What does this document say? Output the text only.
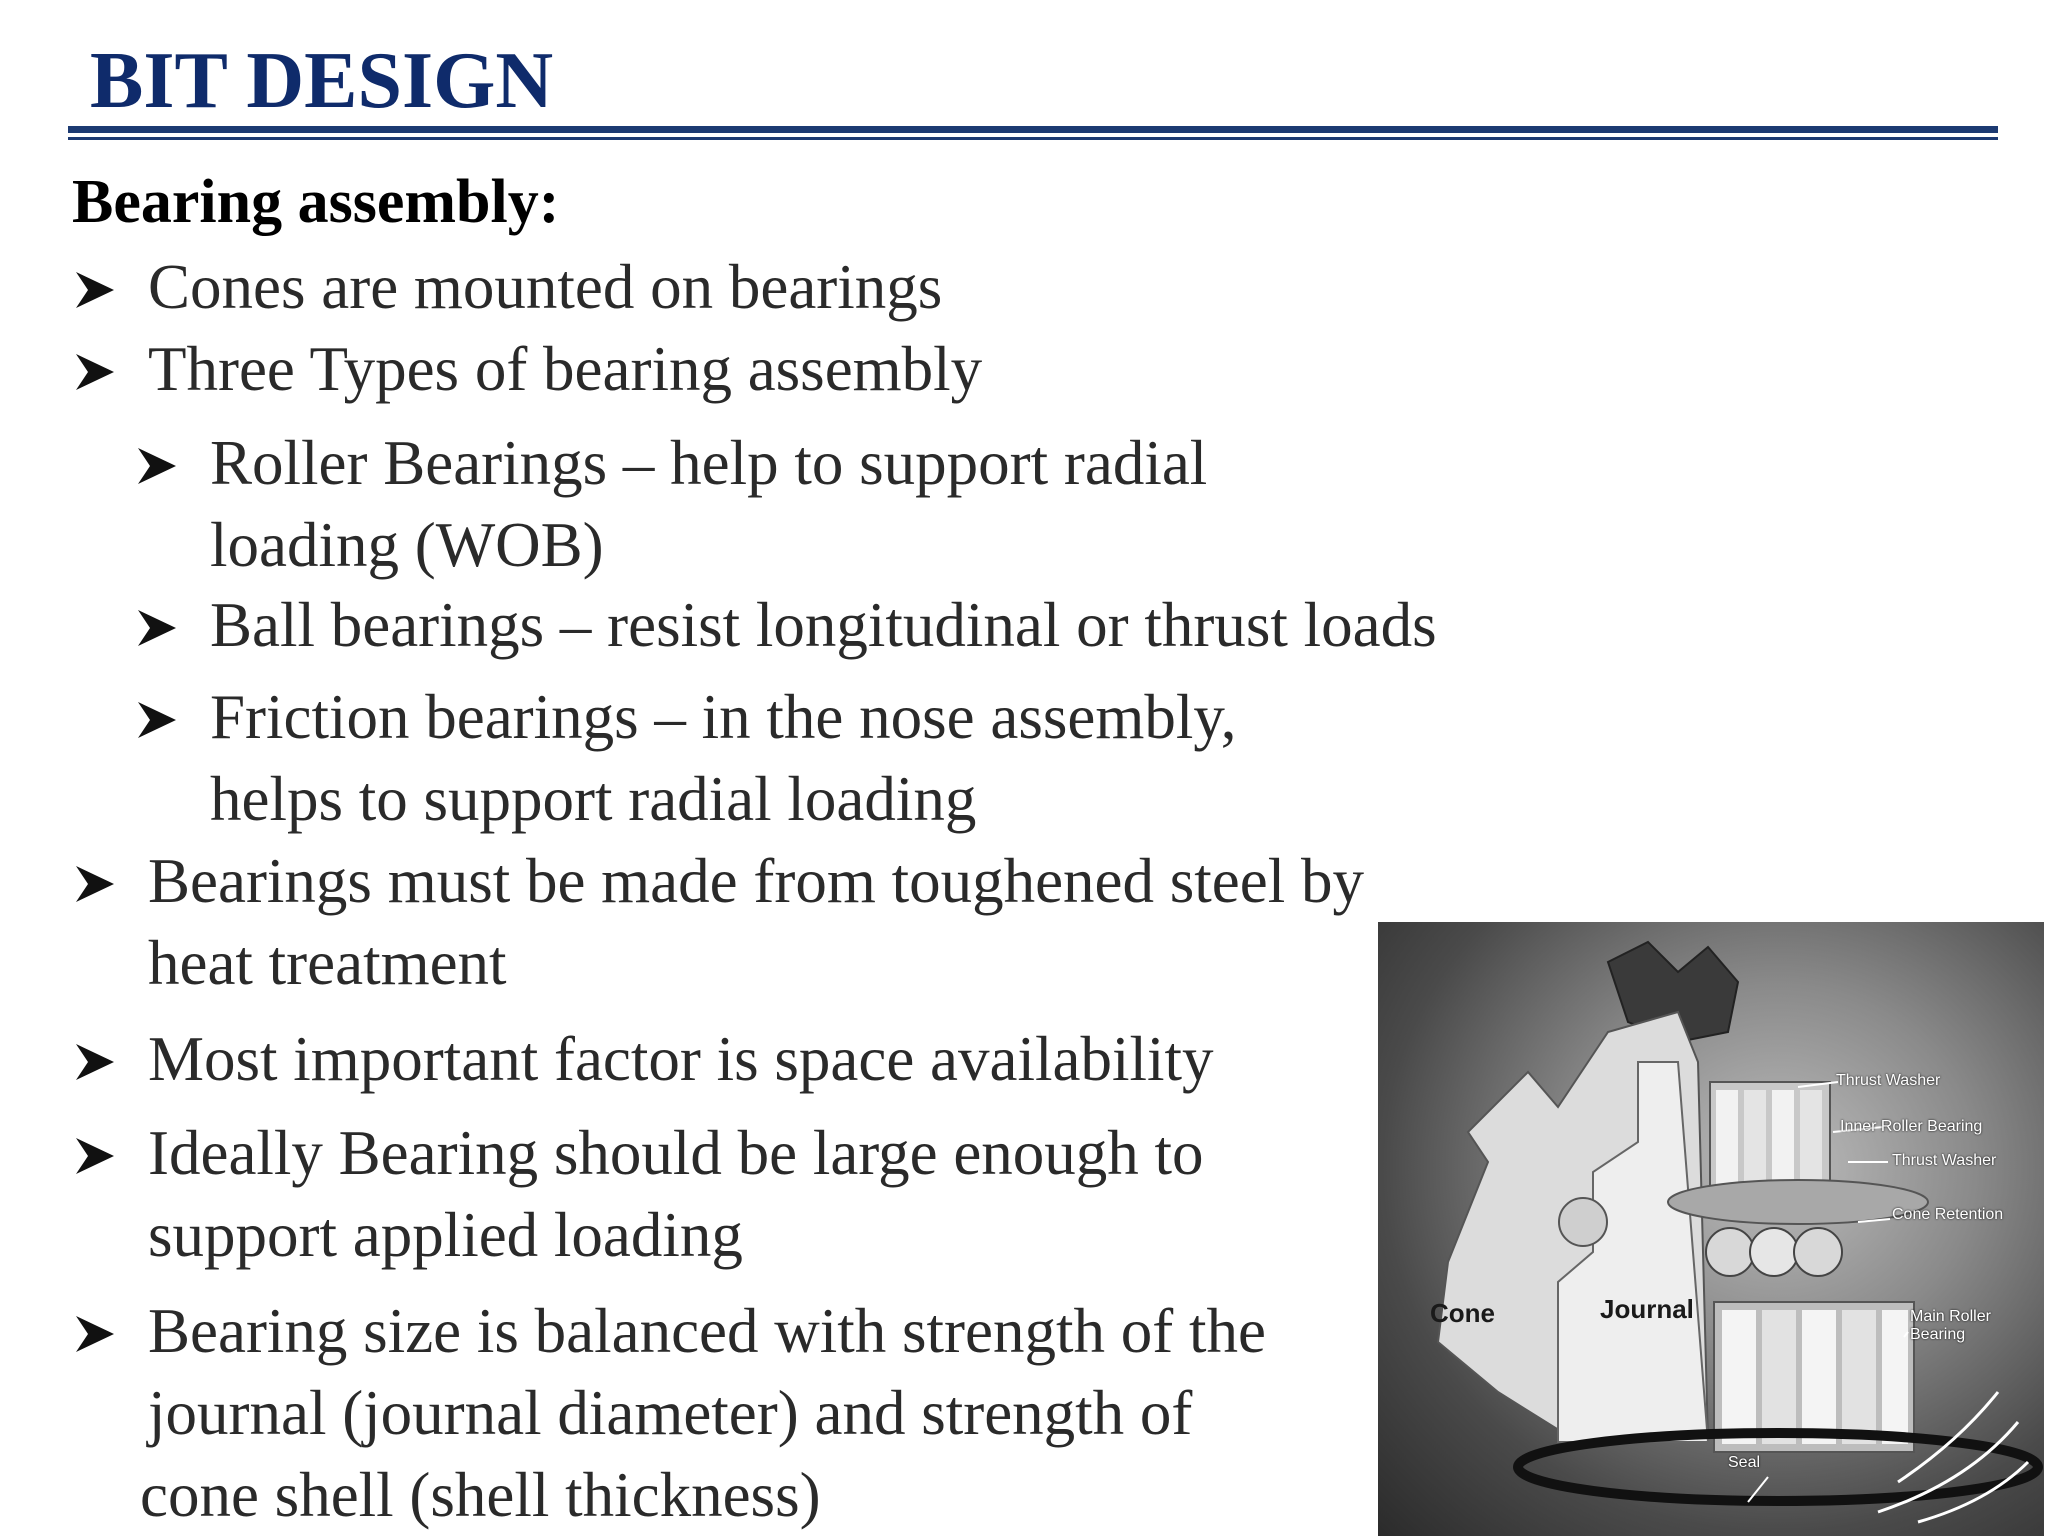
BIT DESIGN
Bearing assembly:
Cones are mounted on bearings
Three Types of bearing assembly
Roller Bearings – help to support radial
loading (WOB)
Ball bearings – resist longitudinal or thrust loads
Friction bearings – in the nose assembly,
helps to support radial loading
Bearings must be made from toughened steel by
heat treatment
Most important factor is space availability
Ideally Bearing should be large enough to
support applied loading
Bearing size is balanced with strength of the
journal (journal diameter) and strength of
cone shell (shell thickness)
Thrust Washer
Inner Roller Bearing
Thrust Washer
Cone Retention
Main Roller Bearing
Cone	Journal
Seal
